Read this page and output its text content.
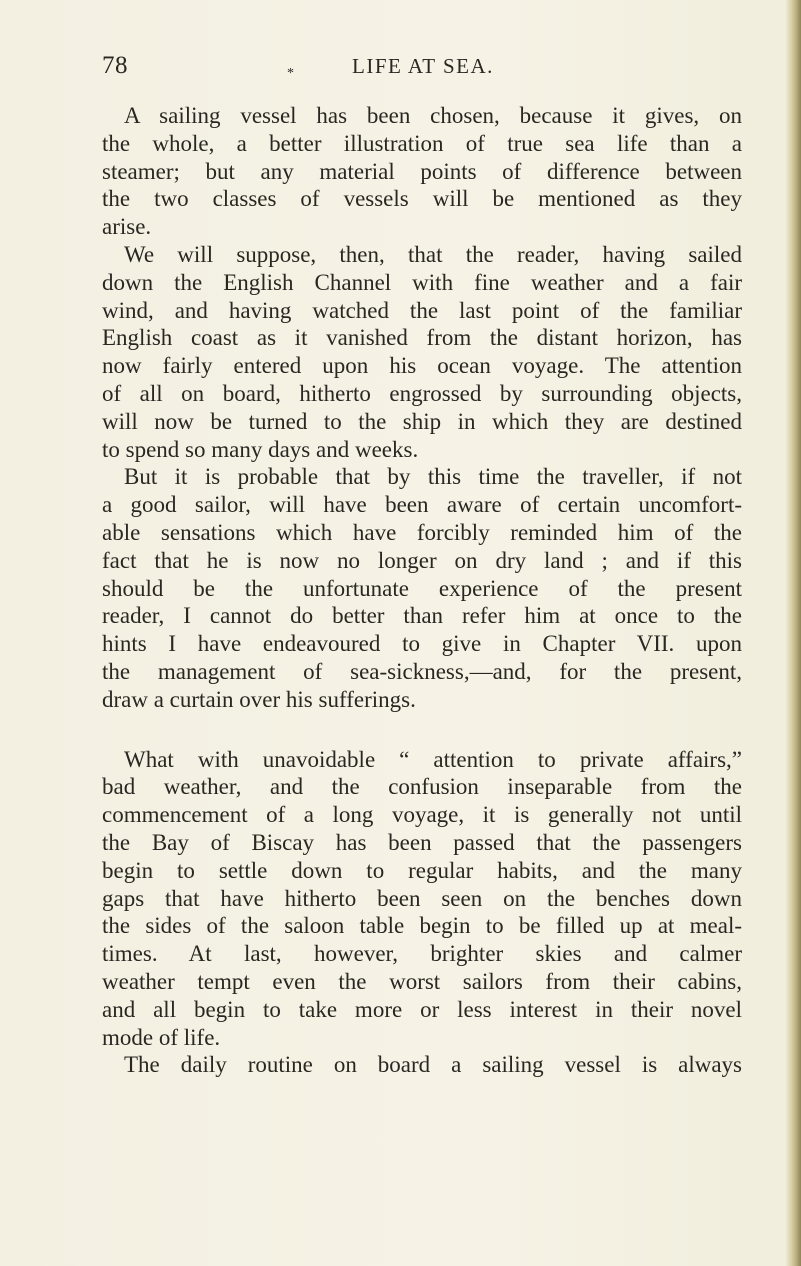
78	*	LIFE AT SEA.
A sailing vessel has been chosen, because it gives, on
the whole, a better illustration of true sea life than a
steamer; but any material points of difference between
the two classes of vessels will be mentioned as they
arise.
We will suppose, then, that the reader, having sailed
down the English Channel with fine weather and a fair
wind, and having watched the last point of the familiar
English coast as it vanished from the distant horizon, has
now fairly entered upon his ocean voyage. The attention
of all on board, hitherto engrossed by surrounding objects,
will now be turned to the ship in which they are destined
to spend so many days and weeks.
But it is probable that by this time the traveller, if not
a good sailor, will have been aware of certain uncomfort-
able sensations which have forcibly reminded him of the
fact that he is now no longer on dry land ; and if this
should be the unfortunate experience of the present
reader, I cannot do better than refer him at once to the
hints I have endeavoured to give in Chapter VII. upon
the management of sea-sickness,—and, for the present,
draw a curtain over his sufferings.
What with unavoidable “ attention to private affairs,”
bad weather, and the confusion inseparable from the
commencement of a long voyage, it is generally not until
the Bay of Biscay has been passed that the passengers
begin to settle down to regular habits, and the many
gaps that have hitherto been seen on the benches down
the sides of the saloon table begin to be filled up at meal-
times. At last, however, brighter skies and calmer
weather tempt even the worst sailors from their cabins,
and all begin to take more or less interest in their novel
mode of life.
The daily routine on board a sailing vessel is always
